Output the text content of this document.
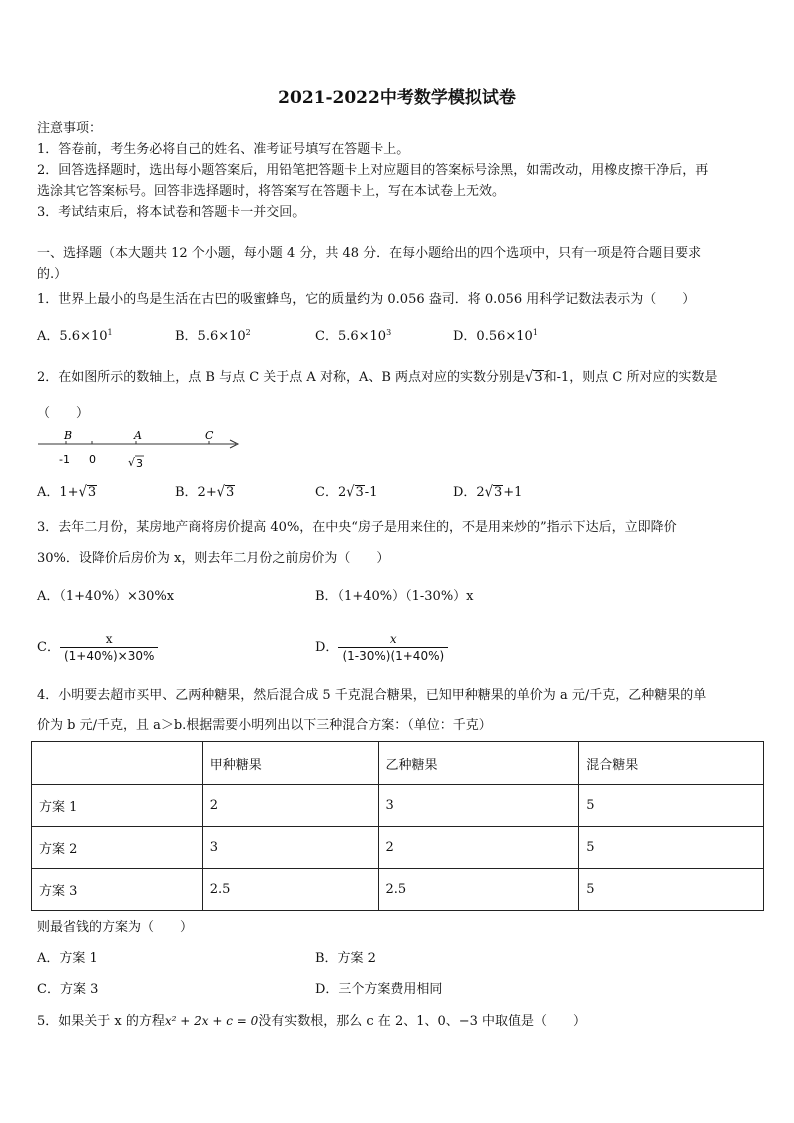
2021-2022中考数学模拟试卷
注意事项：
1．答卷前，考生务必将自己的姓名、准考证号填写在答题卡上。
2．回答选择题时，选出每小题答案后，用铅笔把答题卡上对应题目的答案标号涂黑，如需改动，用橡皮擦干净后，再
选涂其它答案标号。回答非选择题时，将答案写在答题卡上，写在本试卷上无效。
3．考试结束后，将本试卷和答题卡一并交回。
一、选择题（本大题共 12 个小题，每小题 4 分，共 48 分．在每小题给出的四个选项中，只有一项是符合题目要求
的.）
1．世界上最小的鸟是生活在古巴的吸蜜蜂鸟，它的质量约为 0.056 盎司．将 0.056 用科学记数法表示为（　　）
A．$5.6\times 10^1$	B．$5.6\times 10^2$	C．$5.6\times 10^3$	D．$0.56\times 10^1$
2．在如图所示的数轴上，点 B 与点 C 关于点 A 对称，A、B 两点对应的实数分别是√3和-1，则点 C 所对应的实数是
（　　）
B	A	C
-1 0	√ 3
A．1+√3	B．2+√3	C．2√3-1	D．2√3+1
3．去年二月份，某房地产商将房价提高 40%，在中央“房子是用来住的，不是用来炒的”指示下达后，立即降价
30%．设降价后房价为 x，则去年二月份之前房价为（　　）
A．（1+40%）×30%x	B．（1+40%）（1-30%）x
C． $\frac{x}{(1+40\%)\times 30\%}$	D． $\frac{x}{(1-30\%)(1+40\%)}$
4．小明要去超市买甲、乙两种糖果，然后混合成 5 千克混合糖果，已知甲种糖果的单价为 a 元/千克，乙种糖果的单
价为 b 元/千克，且 a＞b.根据需要小明列出以下三种混合方案：（单位：千克）
	甲种糖果	乙种糖果	混合糖果
方案 1	2	3	5
方案 2	3	2	5
方案 3	2.5	2.5	5
则最省钱的方案为（　　）
A．方案 1	B．方案 2
C．方案 3	D．三个方案费用相同
5．如果关于 x 的方程x² + 2x + c = 0没有实数根，那么 c 在 2、1、0、−3 中取值是（　　）
